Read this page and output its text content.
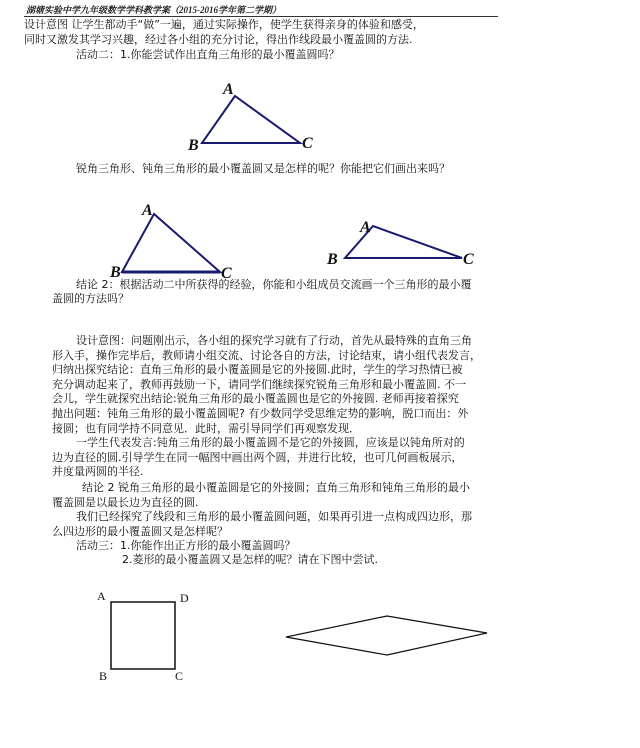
湖塘实验中学九年级数学学科教学案（2015-2016学年第二学期）
设计意图 让学生都动手“做”一遍，通过实际操作，使学生获得亲身的体验和感受，
同时又激发其学习兴趣，经过各小组的充分讨论，得出作线段最小覆盖圆的方法.
活动二：1.你能尝试作出直角三角形的最小覆盖圆吗？
A
B	C
A
B	C
A
B	C
A	D
B	C
锐角三角形、钝角三角形的最小覆盖圆又是怎样的呢？你能把它们画出来吗？
结论 2：根据活动二中所获得的经验，你能和小组成员交流画一个三角形的最小覆
盖圆的方法吗？
设计意图：问题刚出示，各小组的探究学习就有了行动，首先从最特殊的直角三角
形入手，操作完毕后，教师请小组交流、讨论各自的方法，讨论结束，请小组代表发言，
归纳出探究结论：直角三角形的最小覆盖圆是它的外接圆.此时，学生的学习热情已被
充分调动起来了，教师再鼓励一下，请同学们继续探究锐角三角形和最小覆盖圆. 不一
会儿，学生就探究出结论:锐角三角形的最小覆盖圆也是它的外接圆. 老师再接着探究
抛出问题：钝角三角形的最小覆盖圆呢? 有少数同学受思维定势的影响，脱口而出：外
接圆；也有同学持不同意见．此时，需引导同学们再观察发现．
一学生代表发言:钝角三角形的最小覆盖圆不是它的外接圆，应该是以钝角所对的
边为直径的圆.引导学生在同一幅图中画出两个圆，并进行比较，也可几何画板展示，
并度量两圆的半径.
结论 2 锐角三角形的最小覆盖圆是它的外接圆；直角三角形和钝角三角形的最小
覆盖圆是以最长边为直径的圆.
我们已经探究了线段和三角形的最小覆盖圆问题，如果再引进一点构成四边形，那
么四边形的最小覆盖圆又是怎样呢？
活动三：1.你能作出正方形的最小覆盖圆吗？
2.菱形的最小覆盖圆又是怎样的呢？请在下图中尝试.
